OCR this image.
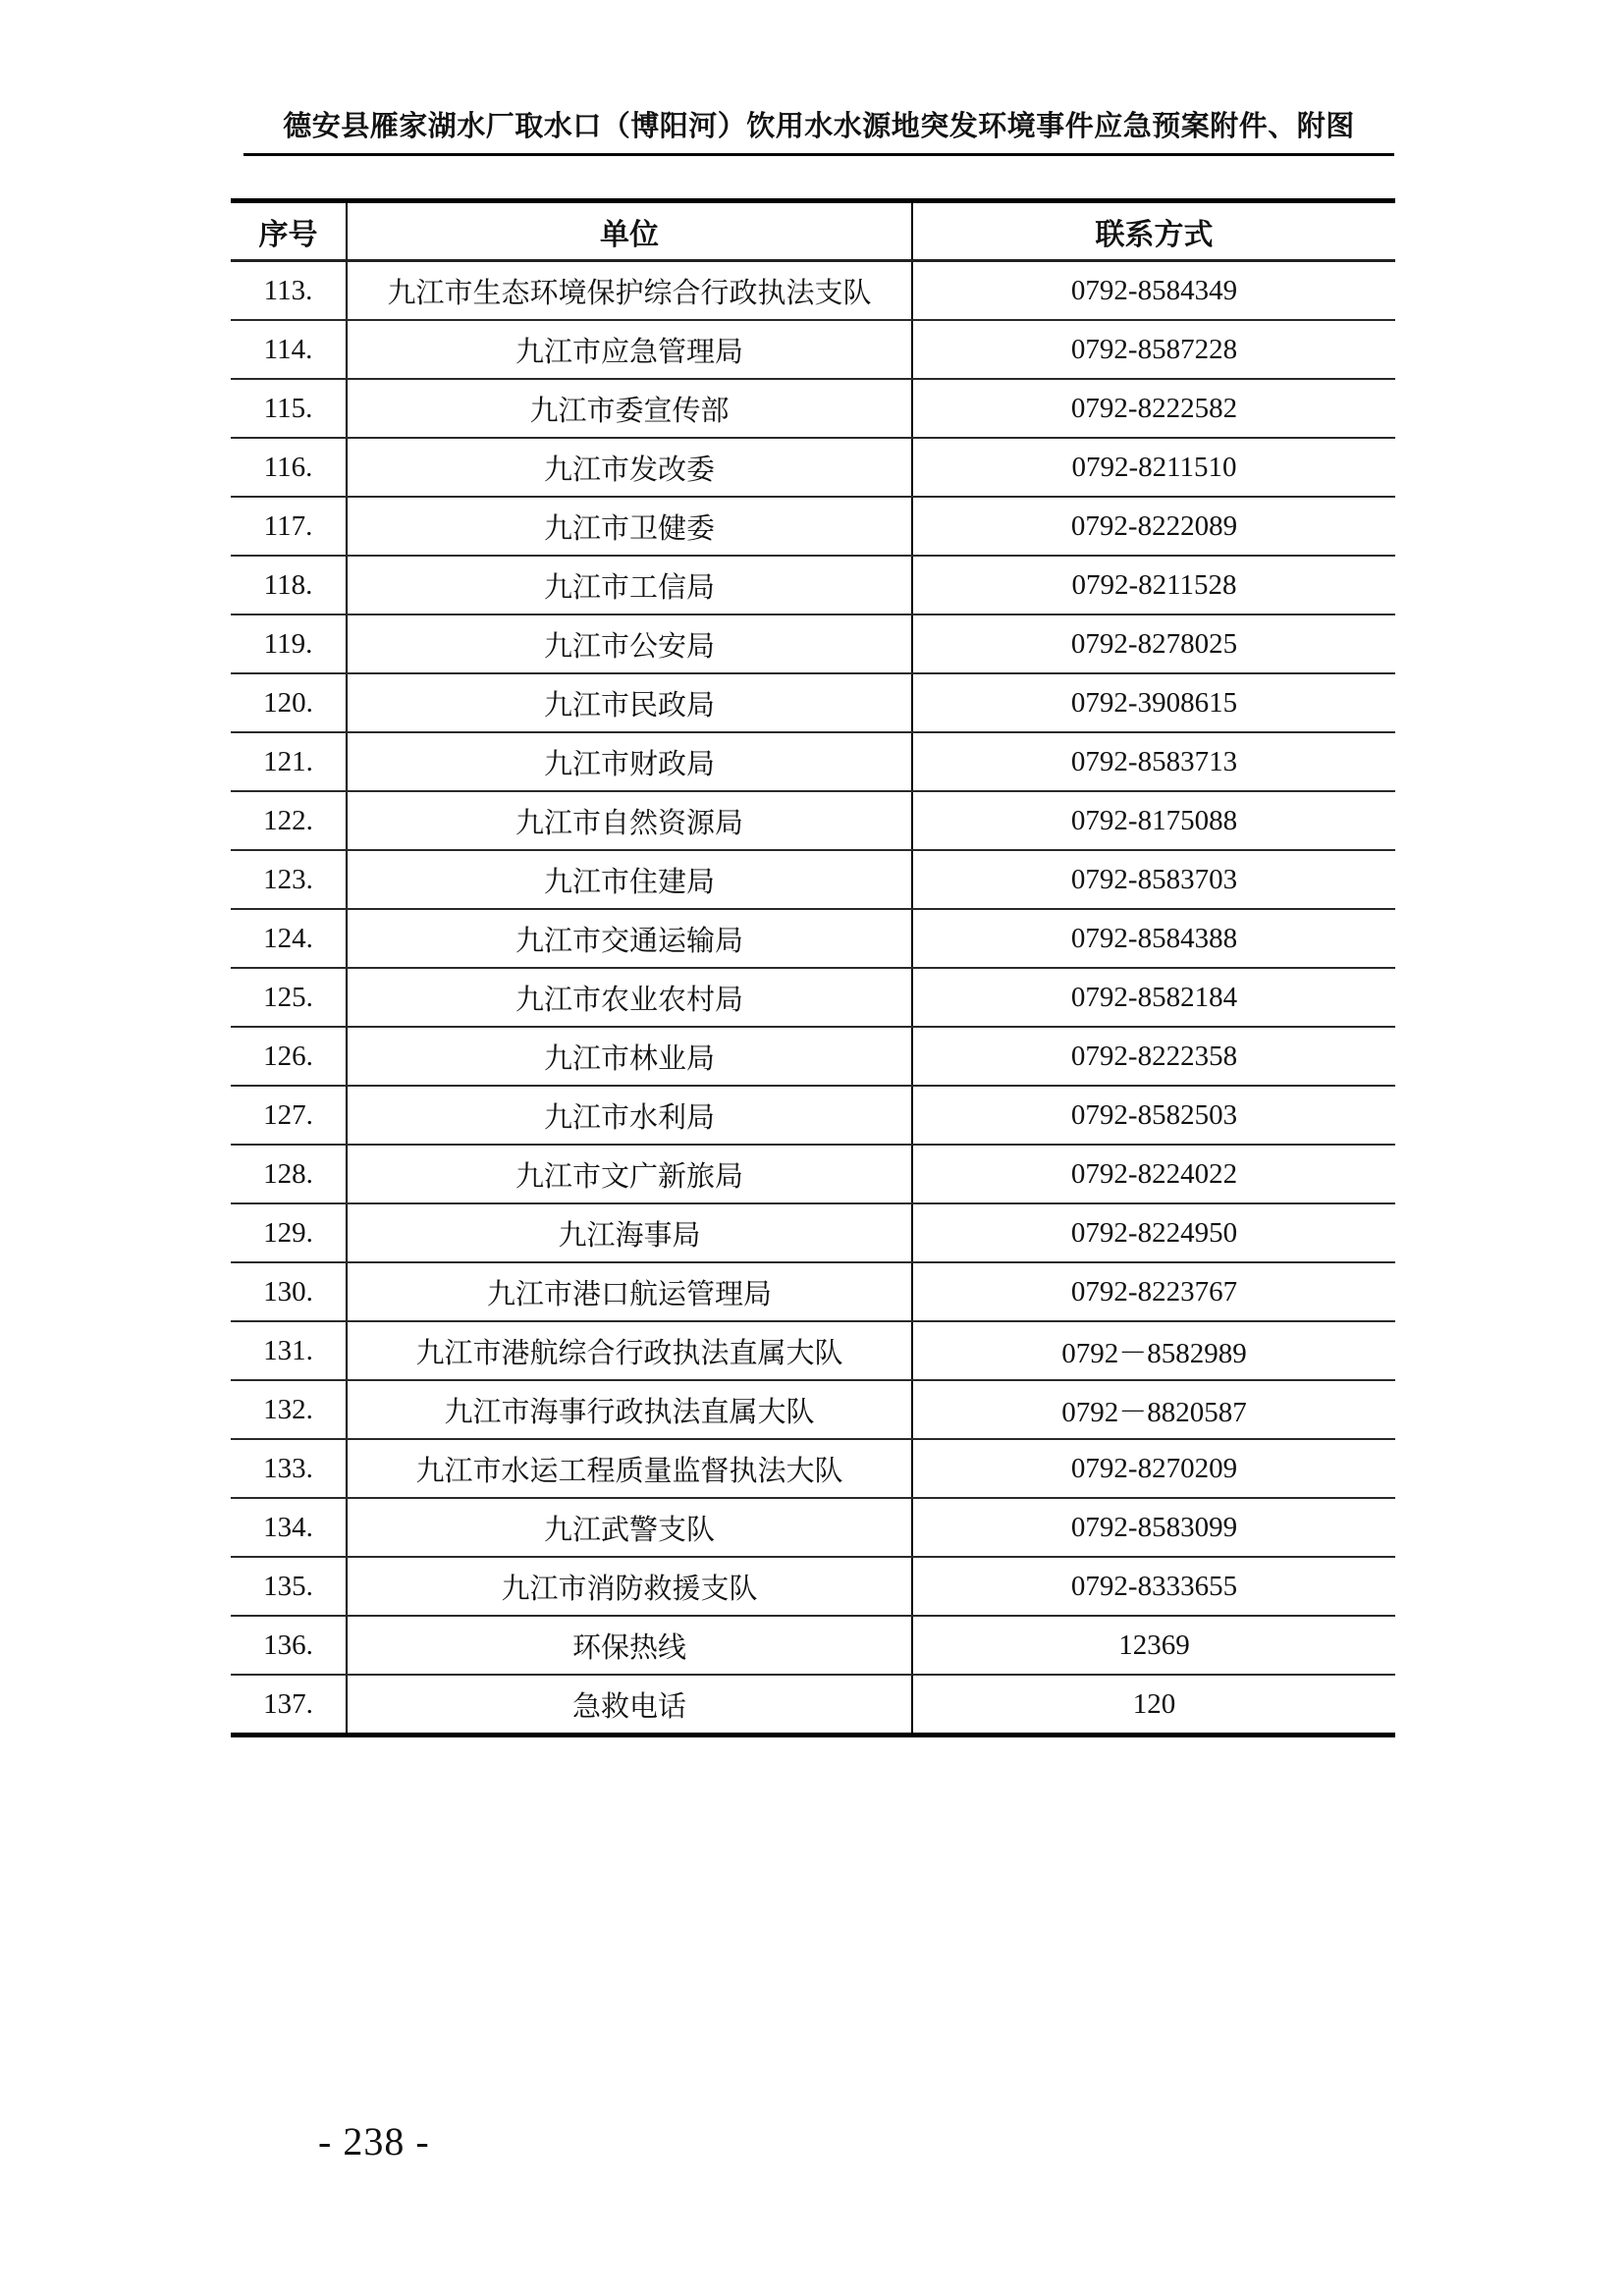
德安县雁家湖水厂取水口（博阳河）饮用水水源地突发环境事件应急预案附件、附图
序号	单位	联系方式
113.	九江市生态环境保护综合行政执法支队	0792-8584349
114.	九江市应急管理局	0792-8587228
115.	九江市委宣传部	0792-8222582
116.	九江市发改委	0792-8211510
117.	九江市卫健委	0792-8222089
118.	九江市工信局	0792-8211528
119.	九江市公安局	0792-8278025
120.	九江市民政局	0792-3908615
121.	九江市财政局	0792-8583713
122.	九江市自然资源局	0792-8175088
123.	九江市住建局	0792-8583703
124.	九江市交通运输局	0792-8584388
125.	九江市农业农村局	0792-8582184
126.	九江市林业局	0792-8222358
127.	九江市水利局	0792-8582503
128.	九江市文广新旅局	0792-8224022
129.	九江海事局	0792-8224950
130.	九江市港口航运管理局	0792-8223767
131.	九江市港航综合行政执法直属大队	0792－8582989
132.	九江市海事行政执法直属大队	0792－8820587
133.	九江市水运工程质量监督执法大队	0792-8270209
134.	九江武警支队	0792-8583099
135.	九江市消防救援支队	0792-8333655
136.	环保热线	12369
137.	急救电话	120
- 238 -
